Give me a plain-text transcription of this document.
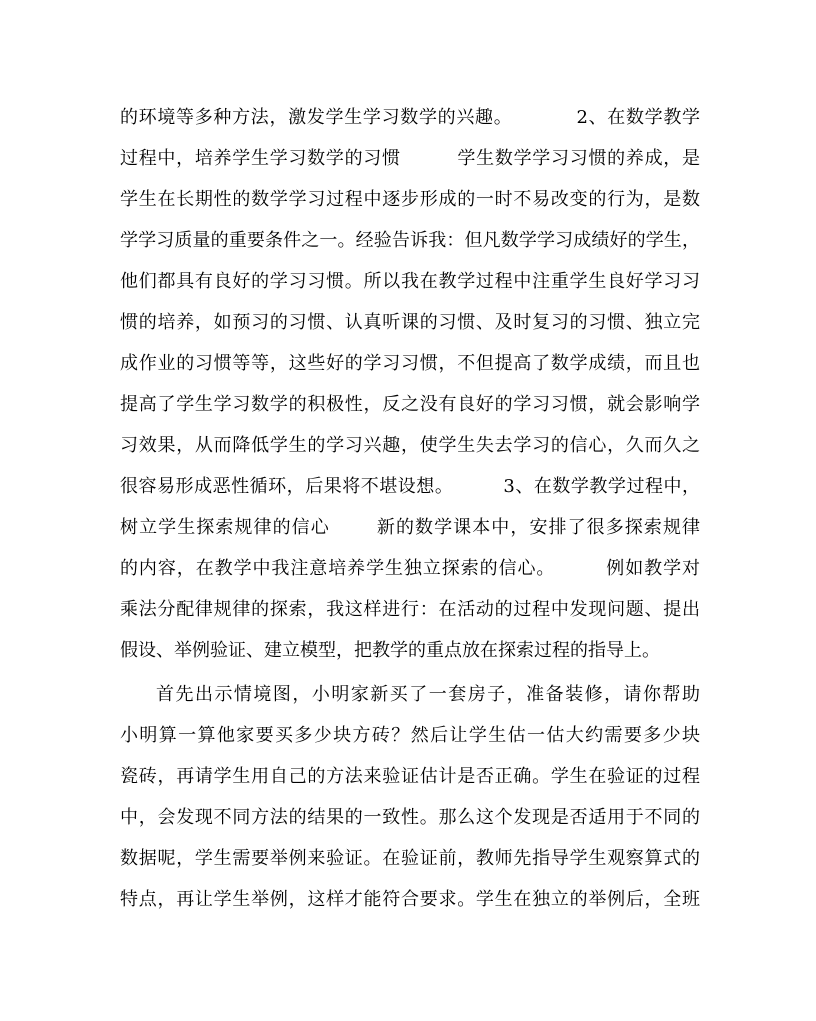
的环境等多种方法，激发学生学习数学的兴趣。	2、在数学教学
过程中，培养学生学习数学的习惯	学生数学学习习惯的养成，是
学生在长期性的数学学习过程中逐步形成的一时不易改变的行为，是数
学学习质量的重要条件之一。经验告诉我：但凡数学学习成绩好的学生，
他们都具有良好的学习习惯。所以我在教学过程中注重学生良好学习习
惯的培养，如预习的习惯、认真听课的习惯、及时复习的习惯、独立完
成作业的习惯等等，这些好的学习习惯，不但提高了数学成绩，而且也
提高了学生学习数学的积极性，反之没有良好的学习习惯，就会影响学
习效果，从而降低学生的学习兴趣，使学生失去学习的信心，久而久之
很容易形成恶性循环，后果将不堪设想。	3、在数学教学过程中，
树立学生探索规律的信心	新的数学课本中，安排了很多探索规律
的内容，在教学中我注意培养学生独立探索的信心。	例如教学对
乘法分配律规律的探索，我这样进行：在活动的过程中发现问题、提出
假设、举例验证、建立模型，把教学的重点放在探索过程的指导上。
首先出示情境图，小明家新买了一套房子，准备装修，请你帮助
小明算一算他家要买多少块方砖？然后让学生估一估大约需要多少块
瓷砖，再请学生用自己的方法来验证估计是否正确。学生在验证的过程
中，会发现不同方法的结果的一致性。那么这个发现是否适用于不同的
数据呢，学生需要举例来验证。在验证前，教师先指导学生观察算式的
特点，再让学生举例，这样才能符合要求。学生在独立的举例后，全班
